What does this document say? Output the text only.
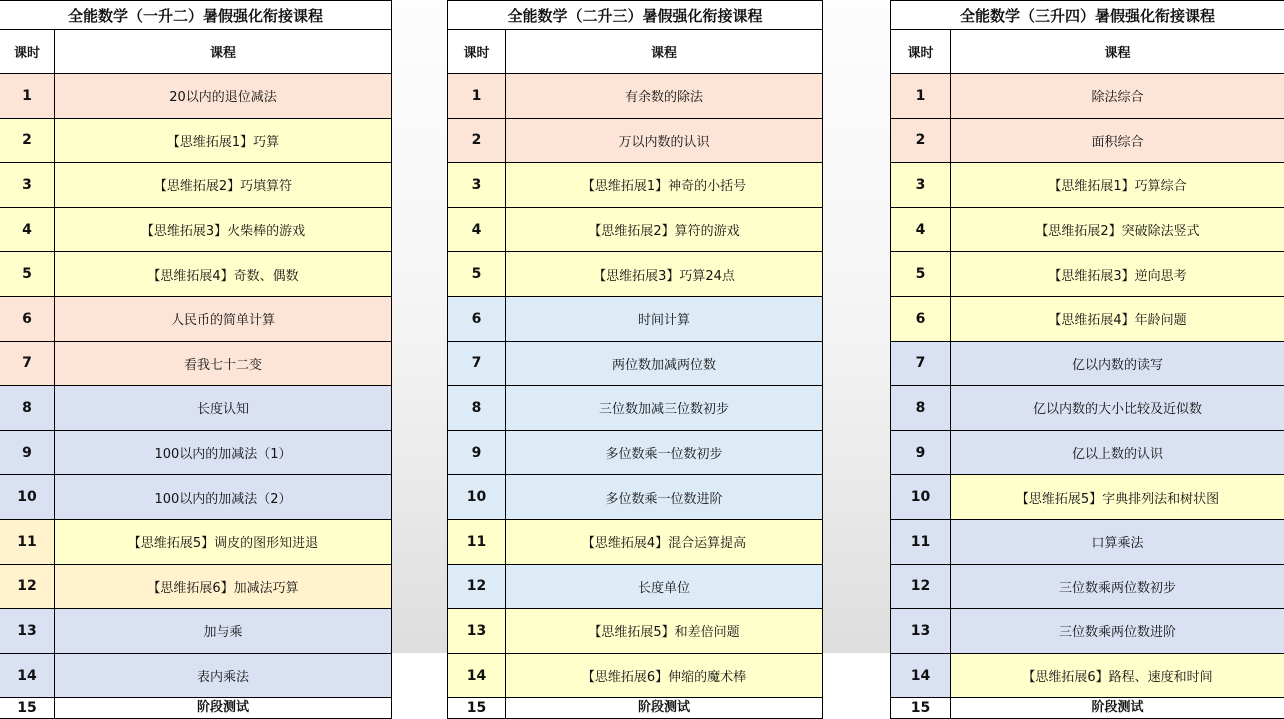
全能数学（一升二）暑假强化衔接课程	
课时	课程
1	20以内的退位减法
2	【思维拓展1】巧算
3	【思维拓展2】巧填算符
4	【思维拓展3】火柴棒的游戏
5	【思维拓展4】奇数、偶数
6	人民币的简单计算
7	看我七十二变
8	长度认知
9	100以内的加减法（1）
10	100以内的加减法（2）
11	【思维拓展5】调皮的图形知进退
12	【思维拓展6】加减法巧算
13	加与乘
14	表内乘法
15	阶段测试
全能数学（二升三）暑假强化衔接课程	
课时	课程
1	有余数的除法
2	万以内数的认识
3	【思维拓展1】神奇的小括号
4	【思维拓展2】算符的游戏
5	【思维拓展3】巧算24点
6	时间计算
7	两位数加减两位数
8	三位数加减三位数初步
9	多位数乘一位数初步
10	多位数乘一位数进阶
11	【思维拓展4】混合运算提高
12	长度单位
13	【思维拓展5】和差倍问题
14	【思维拓展6】伸缩的魔术棒
15	阶段测试
全能数学（三升四）暑假强化衔接课程	
课时	课程
1	除法综合
2	面积综合
3	【思维拓展1】巧算综合
4	【思维拓展2】突破除法竖式
5	【思维拓展3】逆向思考
6	【思维拓展4】年龄问题
7	亿以内数的读写
8	亿以内数的大小比较及近似数
9	亿以上数的认识
10	【思维拓展5】字典排列法和树状图
11	口算乘法
12	三位数乘两位数初步
13	三位数乘两位数进阶
14	【思维拓展6】路程、速度和时间
15	阶段测试
